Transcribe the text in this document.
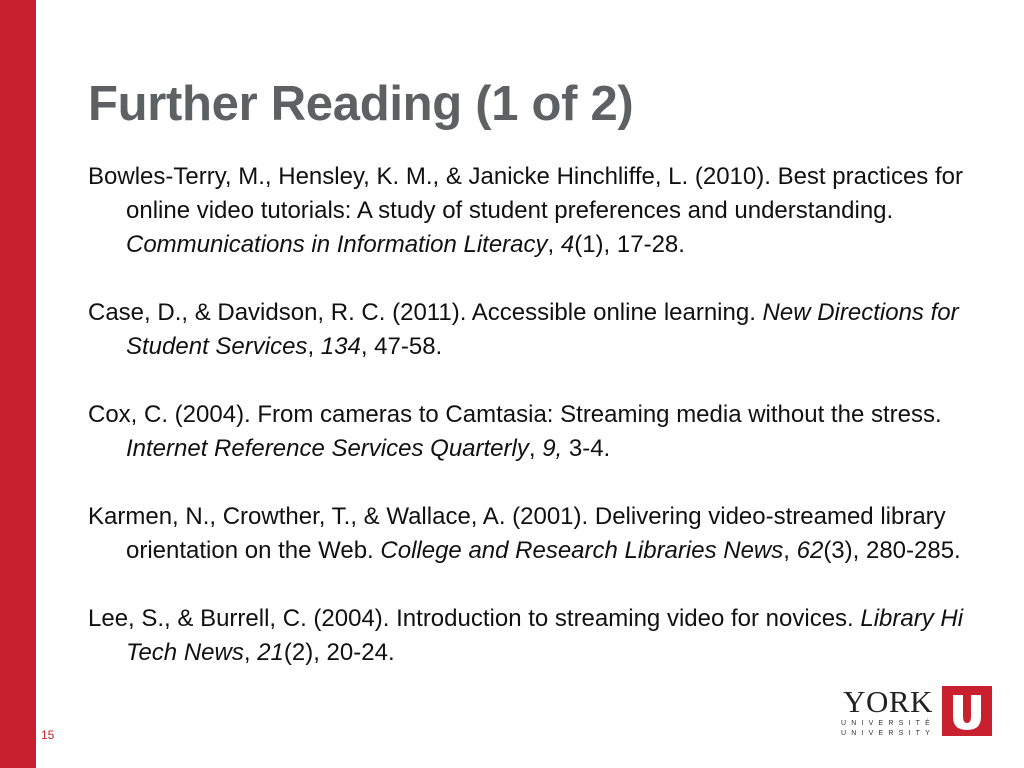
Further Reading (1 of 2)

Bowles-Terry, M., Hensley, K. M., & Janicke Hinchliffe, L. (2010). Best practices for online video tutorials: A study of student preferences and understanding. Communications in Information Literacy, 4(1), 17-28.

Case, D., & Davidson, R. C. (2011). Accessible online learning. New Directions for Student Services, 134, 47-58.

Cox, C. (2004). From cameras to Camtasia: Streaming media without the stress. Internet Reference Services Quarterly, 9, 3-4.

Karmen, N., Crowther, T., & Wallace, A. (2001). Delivering video-streamed library orientation on the Web. College and Research Libraries News, 62(3), 280-285.

Lee, S., & Burrell, C. (2004). Introduction to streaming video for novices. Library Hi Tech News, 21(2), 20-24.

15
YORK
UNIVERSITÉ
UNIVERSITY
